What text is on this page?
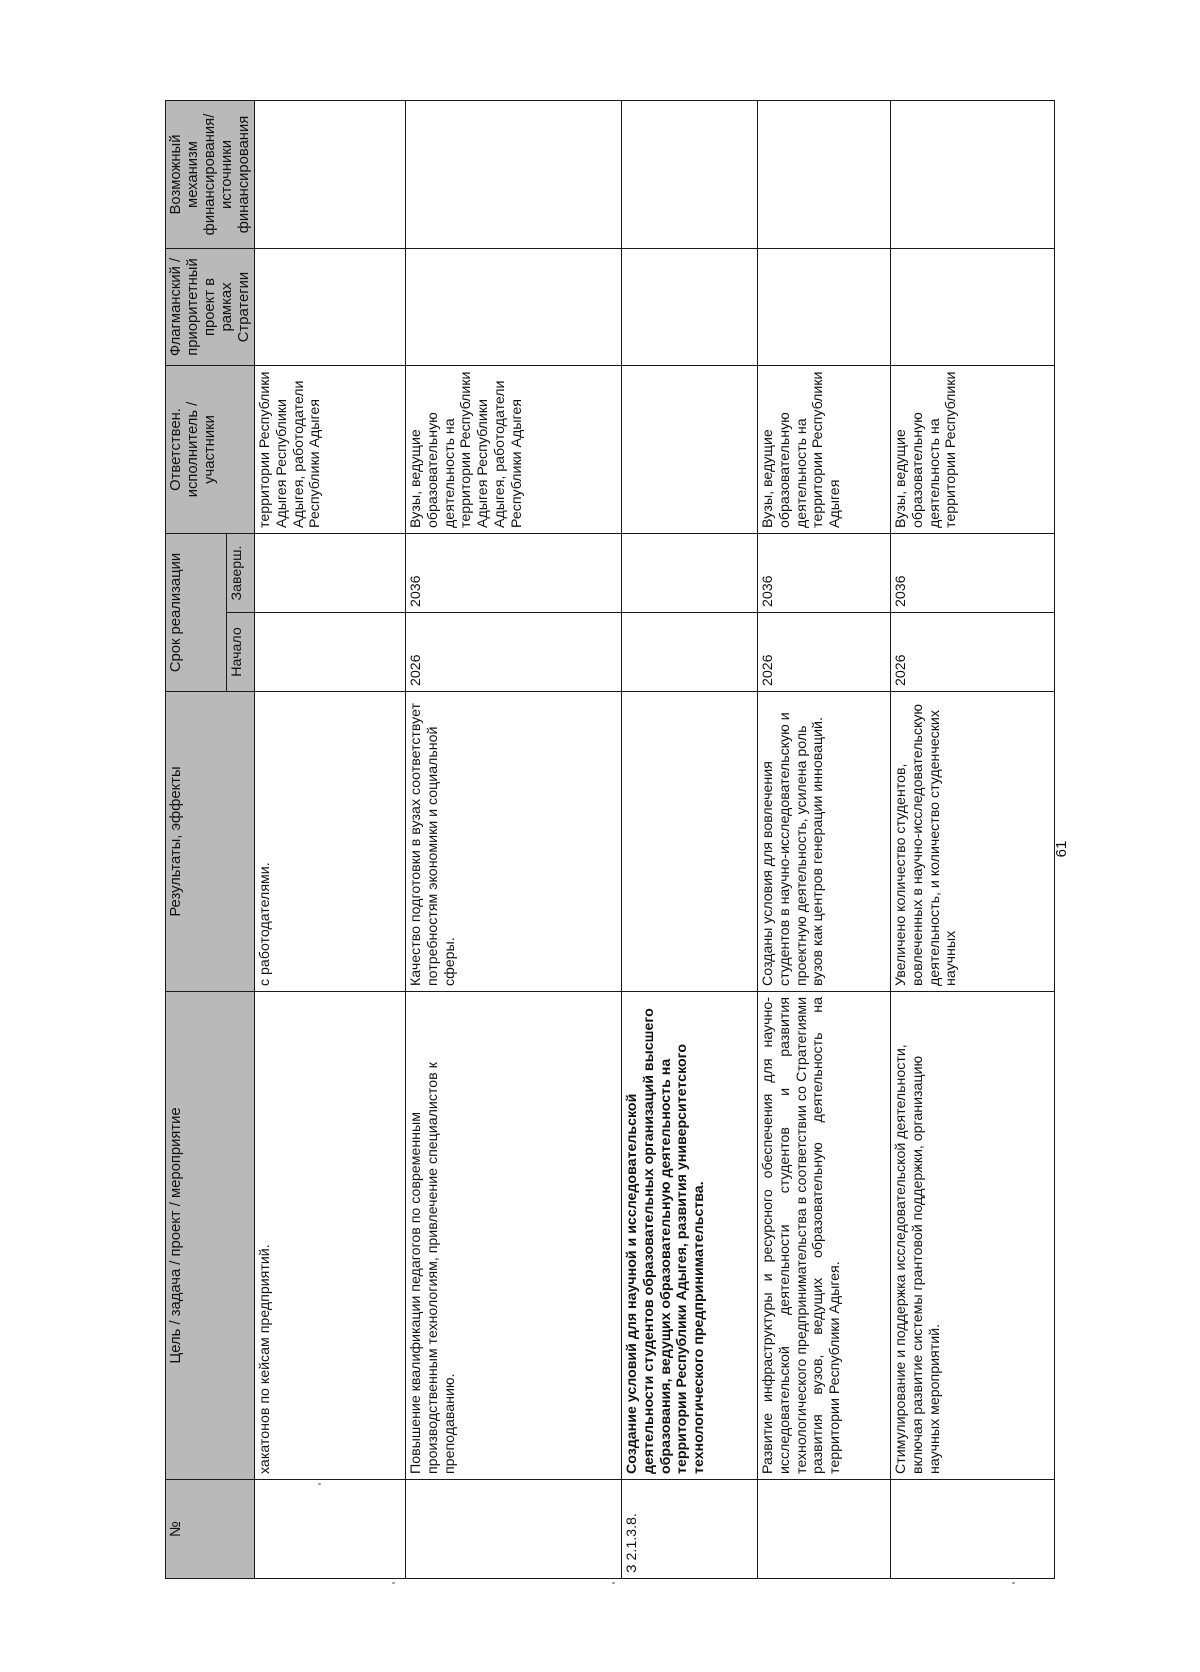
№	Цель / задача / проект / мероприятие	Результаты, эффекты	Срок реализации		Ответствен. исполнитель / участники	Флагманский / приоритетный проект в рамках Стратегии	Возможный механизм финансирования/ источники финансирования
			Начало	Заверш.			
	хакатонов по кейсам предприятий.	с работодателями.			территории Республики Адыгея Республики Адыгея, работодатели Республики Адыгея		
	Повышение квалификации педагогов по современным производственным технологиям, привлечение специалистов к преподаванию.	Качество подготовки в вузах соответствует потребностям экономики и социальной сферы.	2026	2036	Вузы, ведущие образовательную деятельность на территории Республики Адыгея Республики Адыгея, работодатели Республики Адыгея		
З 2.1.3.8.	Создание условий для научной и исследовательской деятельности студентов образовательных организаций высшего образования, ведущих образовательную деятельность на территории Республики Адыгея, развития университетского технологического предпринимательства.						
	Развитие инфраструктуры и ресурсного обеспечения для научно-исследовательской деятельности студентов и развития технологического предпринимательства в соответствии со Стратегиями развития вузов, ведущих образовательную деятельность на территории Республики Адыгея.	Созданы условия для вовлечения студентов в научно-исследовательскую и проектную деятельность, усилена роль вузов как центров генерации инноваций.	2026	2036	Вузы, ведущие образовательную деятельность на территории Республики Адыгея		
	Стимулирование и поддержка исследовательской деятельности, включая развитие системы грантовой поддержки, организацию научных мероприятий.	Увеличено количество студентов, вовлеченных в научно-исследовательскую деятельность, и количество студенческих научных	2026	2036	Вузы, ведущие образовательную деятельность на территории Республики		
61
